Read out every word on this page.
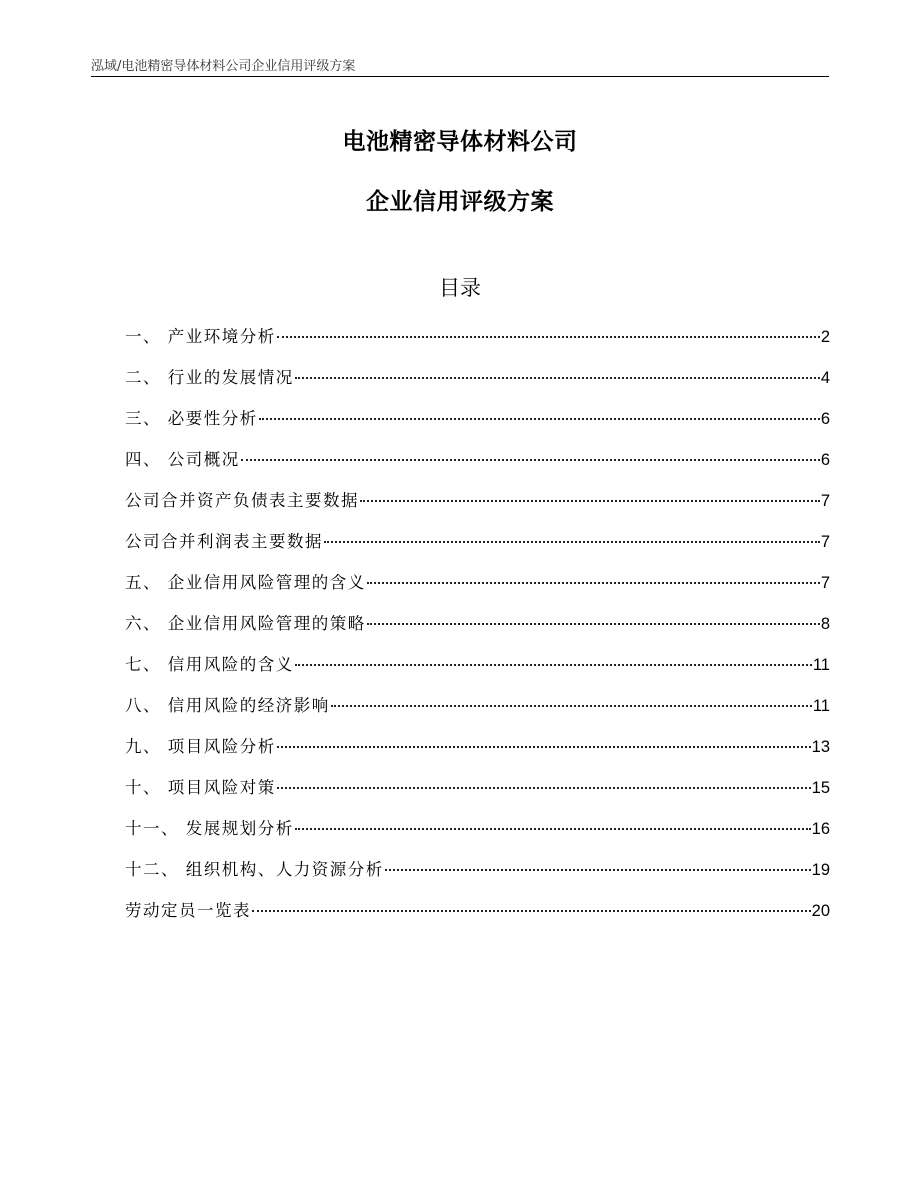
泓域/电池精密导体材料公司企业信用评级方案
电池精密导体材料公司
企业信用评级方案
目录
一、 产业环境分析	2
二、 行业的发展情况	4
三、 必要性分析	6
四、 公司概况	6
公司合并资产负债表主要数据	7
公司合并利润表主要数据	7
五、 企业信用风险管理的含义	7
六、 企业信用风险管理的策略	8
七、 信用风险的含义	11
八、 信用风险的经济影响	11
九、 项目风险分析	13
十、 项目风险对策	15
十一、 发展规划分析	16
十二、 组织机构、人力资源分析	19
劳动定员一览表	20
